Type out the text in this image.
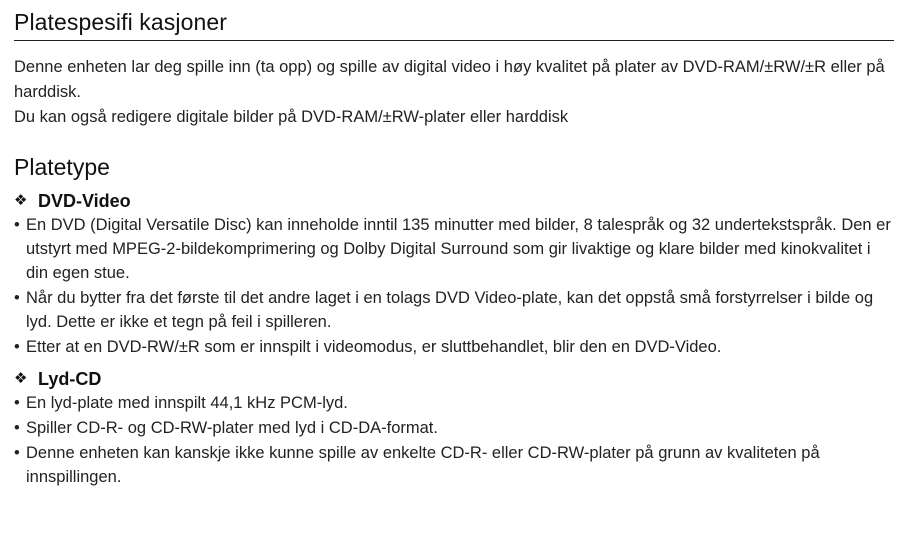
Platespesifi kasjoner

Denne enheten lar deg spille inn (ta opp) og spille av digital video i høy kvalitet på plater av DVD-RAM/±RW/±R eller på harddisk.

Du kan også redigere digitale bilder på DVD-RAM/±RW-plater eller harddisk

Platetype
❖ DVD-Video
• En DVD (Digital Versatile Disc) kan inneholde inntil 135 minutter med bilder, 8 talespråk og 32 undertekstspråk. Den er utstyrt med MPEG-2-bildekomprimering og Dolby Digital Surround som gir livaktige og klare bilder med kinokvalitet i din egen stue.
• Når du bytter fra det første til det andre laget i en tolags DVD Video-plate, kan det oppstå små forstyrrelser i bilde og lyd. Dette er ikke et tegn på feil i spilleren.
• Etter at en DVD-RW/±R som er innspilt i videomodus, er sluttbehandlet, blir den en DVD-Video.
❖ Lyd-CD
• En lyd-plate med innspilt 44,1 kHz PCM-lyd.
• Spiller CD-R- og CD-RW-plater med lyd i CD-DA-format.
• Denne enheten kan kanskje ikke kunne spille av enkelte CD-R- eller CD-RW-plater på grunn av kvaliteten på innspillingen.
